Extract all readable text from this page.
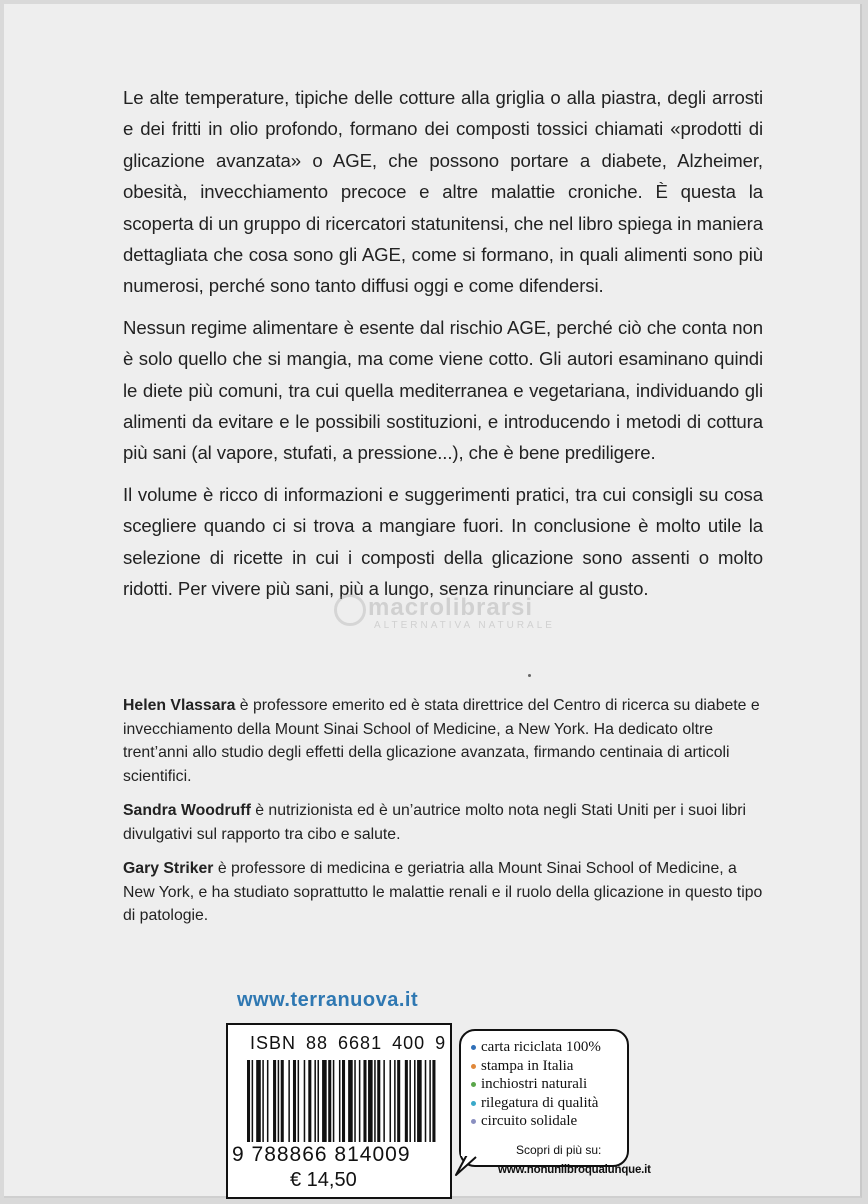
Le alte temperature, tipiche delle cotture alla griglia o alla piastra, degli arrosti e dei fritti in olio profondo, formano dei composti tossici chiamati «prodotti di glicazione avanzata» o AGE, che possono portare a diabete, Alzheimer, obesità, invecchiamento precoce e altre malattie croniche. È questa la scoperta di un gruppo di ricercatori statunitensi, che nel libro spiega in maniera dettagliata che cosa sono gli AGE, come si formano, in quali alimenti sono più numerosi, perché sono tanto diffusi oggi e come difendersi.

Nessun regime alimentare è esente dal rischio AGE, perché ciò che conta non è solo quello che si mangia, ma come viene cotto. Gli autori esaminano quindi le diete più comuni, tra cui quella mediterranea e vegetariana, individuando gli alimenti da evitare e le possibili sostituzioni, e introducendo i metodi di cottura più sani (al vapore, stufati, a pressione...), che è bene prediligere.

Il volume è ricco di informazioni e suggerimenti pratici, tra cui consigli su cosa scegliere quando ci si trova a mangiare fuori. In conclusione è molto utile la selezione di ricette in cui i composti della glicazione sono assenti o molto ridotti. Per vivere più sani, più a lungo, senza rinunciare al gusto.

macrolibrarsi
ALTERNATIVA NATURALE

Helen Vlassara è professore emerito ed è stata direttrice del Centro di ricerca su diabete e invecchiamento della Mount Sinai School of Medicine, a New York. Ha dedicato oltre trent’anni allo studio degli effetti della glicazione avanzata, firmando centinaia di articoli scientifici.

Sandra Woodruff è nutrizionista ed è un’autrice molto nota negli Stati Uniti per i suoi libri divulgativi sul rapporto tra cibo e salute.

Gary Striker è professore di medicina e geriatria alla Mount Sinai School of Medicine, a New York, e ha studiato soprattutto le malattie renali e il ruolo della glicazione in questo tipo di patologie.

www.terranuova.it
ISBN 88 6681 400 9
9 788866 814009
€ 14,50
carta riciclata 100%
stampa in Italia
inchiostri naturali
rilegatura di qualità
circuito solidale
Scopri di più su:
www.nonunlibroqualunque.it
